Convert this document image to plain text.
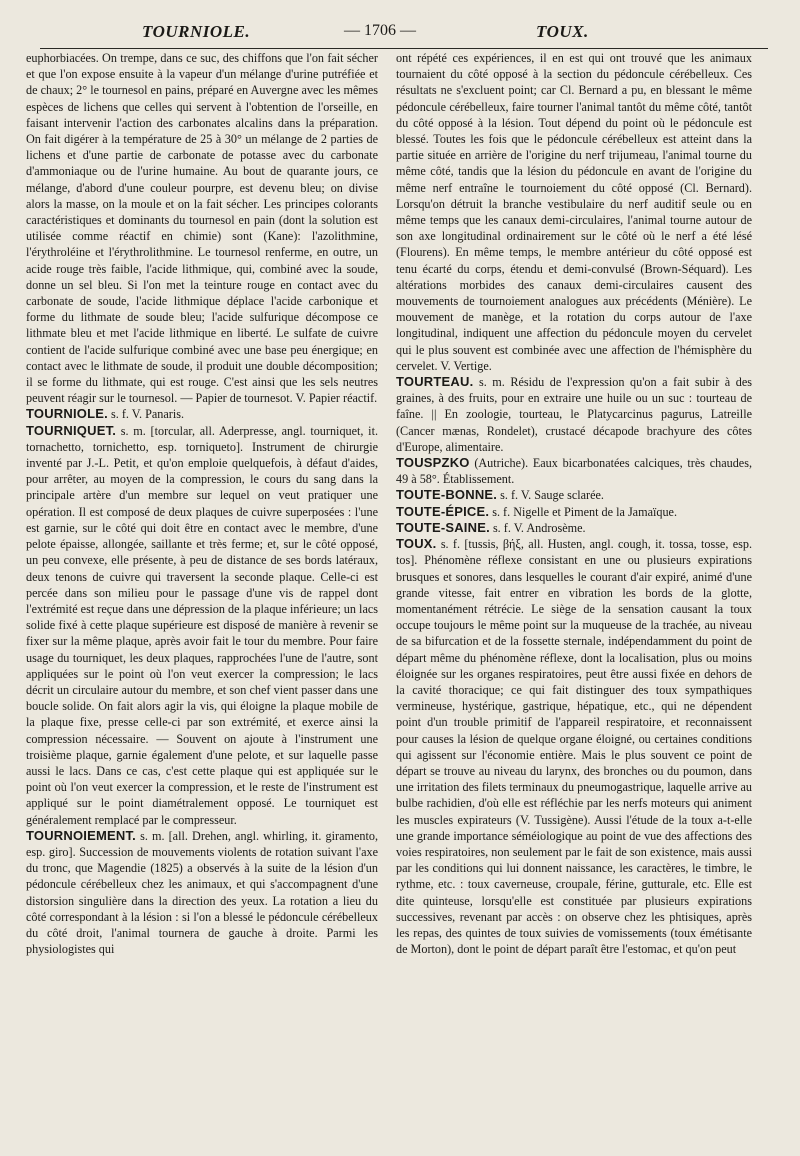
TOURNIOLE.	— 1706 —	TOUX.

euphorbiacées. On trempe, dans ce suc, des chiffons que l'on fait sécher et que l'on expose ensuite à la vapeur d'un mélange d'urine putréfiée et de chaux; 2° le tournesol en pains, préparé en Auvergne avec les mêmes espèces de lichens que celles qui servent à l'obtention de l'orseille, en faisant intervenir l'action des carbonates alcalins dans la préparation. On fait digérer à la température de 25 à 30° un mélange de 2 parties de lichens et d'une partie de carbonate de potasse avec du carbonate d'ammoniaque ou de l'urine humaine. Au bout de quarante jours, ce mélange, d'abord d'une couleur pourpre, est devenu bleu; on divise alors la masse, on la moule et on la fait sécher. Les principes colorants caractéristiques et dominants du tournesol en pain (dont la solution est utilisée comme réactif en chimie) sont (Kane): l'azolithmine, l'érythroléine et l'érythrolithmine. Le tournesol renferme, en outre, un acide rouge très faible, l'acide lithmique, qui, combiné avec la soude, donne un sel bleu. Si l'on met la teinture rouge en contact avec du carbonate de soude, l'acide lithmique déplace l'acide carbonique et forme du lithmate de soude bleu; l'acide sulfurique décompose ce lithmate bleu et met l'acide lithmique en liberté. Le sulfate de cuivre contient de l'acide sulfurique combiné avec une base peu énergique; en contact avec le lithmate de soude, il produit une double décomposition; il se forme du lithmate, qui est rouge. C'est ainsi que les sels neutres peuvent réagir sur le tournesol. — Papier de tournesot. V. Papier réactif.

TOURNIOLE. s. f. V. Panaris.

TOURNIQUET. s. m. [torcular, all. Aderpresse, angl. tourniquet, it. tornachetto, tornichetto, esp. torniqueto]. Instrument de chirurgie inventé par J.-L. Petit, et qu'on emploie quelquefois, à défaut d'aides, pour arrêter, au moyen de la compression, le cours du sang dans la principale artère d'un membre sur lequel on veut pratiquer une opération. Il est composé de deux plaques de cuivre superposées : l'une est garnie, sur le côté qui doit être en contact avec le membre, d'une pelote épaisse, allongée, saillante et très ferme; et, sur le côté opposé, un peu convexe, elle présente, à peu de distance de ses bords latéraux, deux tenons de cuivre qui traversent la seconde plaque. Celle-ci est percée dans son milieu pour le passage d'une vis de rappel dont l'extrémité est reçue dans une dépression de la plaque inférieure; un lacs solide fixé à cette plaque supérieure est disposé de manière à revenir se fixer sur la même plaque, après avoir fait le tour du membre. Pour faire usage du tourniquet, les deux plaques, rapprochées l'une de l'autre, sont appliquées sur le point où l'on veut exercer la compression; le lacs décrit un circulaire autour du membre, et son chef vient passer dans une boucle solide. On fait alors agir la vis, qui éloigne la plaque mobile de la plaque fixe, presse celle-ci par son extrémité, et exerce ainsi la compression nécessaire. — Souvent on ajoute à l'instrument une troisième plaque, garnie également d'une pelote, et sur laquelle passe aussi le lacs. Dans ce cas, c'est cette plaque qui est appliquée sur le point où l'on veut exercer la compression, et le reste de l'instrument est appliqué sur le point diamétralement opposé. Le tourniquet est généralement remplacé par le compresseur.

TOURNOIEMENT. s. m. [all. Drehen, angl. whirling, it. giramento, esp. giro]. Succession de mouvements violents de rotation suivant l'axe du tronc, que Magendie (1825) a observés à la suite de la lésion d'un pédoncule cérébelleux chez les animaux, et qui s'accompagnent d'une distorsion singulière dans la direction des yeux. La rotation a lieu du côté correspondant à la lésion : si l'on a blessé le pédoncule cérébelleux du côté droit, l'animal tournera de gauche à droite. Parmi les physiologistes qui

ont répété ces expériences, il en est qui ont trouvé que les animaux tournaient du côté opposé à la section du pédoncule cérébelleux. Ces résultats ne s'excluent point; car Cl. Bernard a pu, en blessant le même pédoncule cérébelleux, faire tourner l'animal tantôt du même côté, tantôt du côté opposé à la lésion. Tout dépend du point où le pédoncule est blessé. Toutes les fois que le pédoncule cérébelleux est atteint dans la partie située en arrière de l'origine du nerf trijumeau, l'animal tourne du même côté, tandis que la lésion du pédoncule en avant de l'origine du même nerf entraîne le tournoiement du côté opposé (Cl. Bernard). Lorsqu'on détruit la branche vestibulaire du nerf auditif seule ou en même temps que les canaux demi-circulaires, l'animal tourne autour de son axe longitudinal ordinairement sur le côté où le nerf a été lésé (Flourens). En même temps, le membre antérieur du côté opposé est tenu écarté du corps, étendu et demi-convulsé (Brown-Séquard). Les altérations morbides des canaux demi-circulaires causent des mouvements de tournoiement analogues aux précédents (Ménière). Le mouvement de manège, et la rotation du corps autour de l'axe longitudinal, indiquent une affection du pédoncule moyen du cervelet qui le plus souvent est combinée avec une affection de l'hémisphère du cervelet. V. Vertige.

TOURTEAU. s. m. Résidu de l'expression qu'on a fait subir à des graines, à des fruits, pour en extraire une huile ou un suc : tourteau de faîne. || En zoologie, tourteau, le Platycarcinus pagurus, Latreille (Cancer mænas, Rondelet), crustacé décapode brachyure des côtes d'Europe, alimentaire.

TOUSPZKO (Autriche). Eaux bicarbonatées calciques, très chaudes, 49 à 58°. Établissement.

TOUTE-BONNE. s. f. V. Sauge sclarée.

TOUTE-ÉPICE. s. f. Nigelle et Piment de la Jamaïque.

TOUTE-SAINE. s. f. V. Androsème.

TOUX. s. f. [tussis, βήξ, all. Husten, angl. cough, it. tossa, tosse, esp. tos]. Phénomène réflexe consistant en une ou plusieurs expirations brusques et sonores, dans lesquelles le courant d'air expiré, animé d'une grande vitesse, fait entrer en vibration les bords de la glotte, momentanément rétrécie. Le siège de la sensation causant la toux occupe toujours le même point sur la muqueuse de la trachée, au niveau de sa bifurcation et de la fossette sternale, indépendamment du point de départ même du phénomène réflexe, dont la localisation, plus ou moins éloignée sur les organes respiratoires, peut être aussi fixée en dehors de la cavité thoracique; ce qui fait distinguer des toux sympathiques vermineuse, hystérique, gastrique, hépatique, etc., qui ne dépendent point d'un trouble primitif de l'appareil respiratoire, et reconnaissent pour causes la lésion de quelque organe éloigné, ou certaines conditions qui agissent sur l'économie entière. Mais le plus souvent ce point de départ se trouve au niveau du larynx, des bronches ou du poumon, dans une irritation des filets terminaux du pneumogastrique, laquelle arrive au bulbe rachidien, d'où elle est réfléchie par les nerfs moteurs qui animent les muscles expirateurs (V. Tussigène). Aussi l'étude de la toux a-t-elle une grande importance séméiologique au point de vue des affections des voies respiratoires, non seulement par le fait de son existence, mais aussi par les conditions qui lui donnent naissance, les caractères, le timbre, le rythme, etc. : toux caverneuse, croupale, férine, gutturale, etc. Elle est dite quinteuse, lorsqu'elle est constituée par plusieurs expirations successives, revenant par accès : on observe chez les phtisiques, après les repas, des quintes de toux suivies de vomissements (toux émétisante de Morton), dont le point de départ paraît être l'estomac, et qu'on peut
